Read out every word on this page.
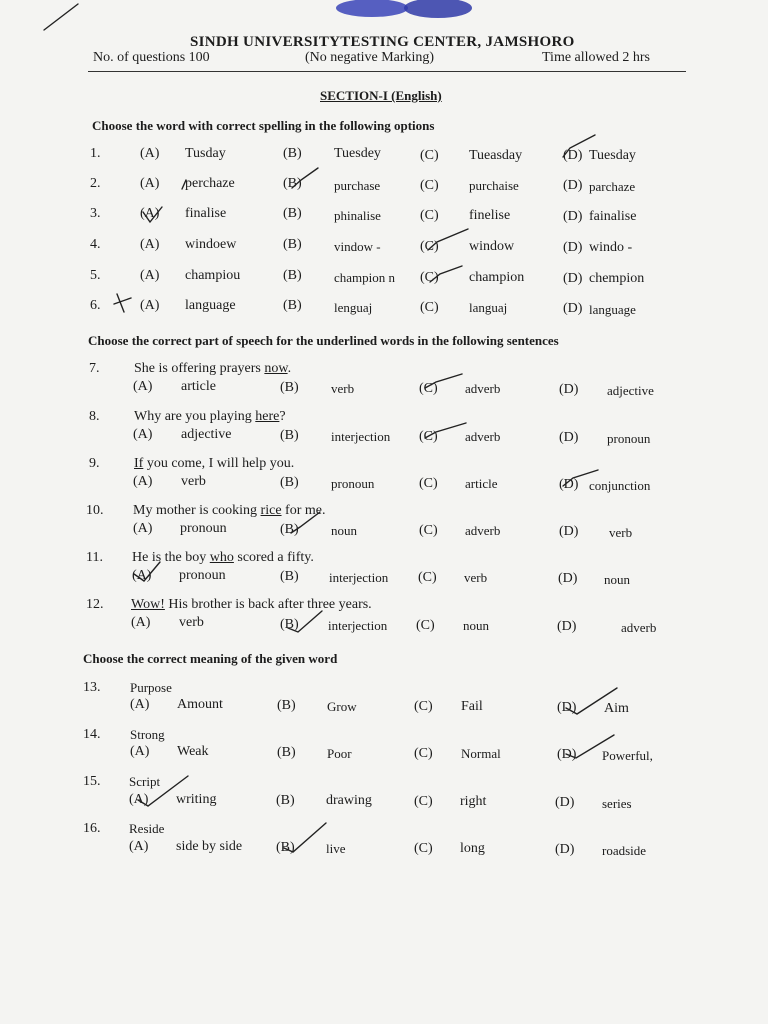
SINDH UNIVERSITYTESTING CENTER, JAMSHORO
No. of questions 100	(No negative Marking)	Time allowed 2 hrs
SECTION-I (English)
Choose the word with correct spelling in the following options
1.	(A) Tusday	(B) Tuesdey	(C) Tueasday	(D) Tuesday
2.	(A) perchaze	(B) purchase	(C) purchaise	(D) parchaze
3.	(A) finalise	(B) phinalise	(C) finelise	(D) fainalise
4.	(A) windoew	(B) vindow -	(C) window	(D) windo -
5.	(A) champiou	(B) champion n (C) champion	(D) chempion
6.	(A) language	(B) lenguaj	(C) languaj	(D) language
Choose the correct part of speech for the underlined words in the following sentences
7. She is offering prayers now.
(A) article	(B) verb	(C) adverb	(D) adjective
8. Why are you playing here?
(A) adjective	(B) interjection (C) adverb	(D) pronoun
9. If you come, I will help you.
(A) verb	(B) pronoun	(C) article	(D) conjunction
10. My mother is cooking rice for me.
(A) pronoun	(B) noun	(C) adverb	(D) verb
11. He is the boy who scored a fifty.
(A) pronoun	(B) interjection (C) verb	(D) noun
12. Wow! His brother is back after three years.
(A) verb	(B) interjection (C) noun	(D)	adverb
Choose the correct meaning of the given word
13. Purpose
(A) Amount	(B) Grow	(C) Fail	(D) Aim
14. Strong
(A) Weak	(B) Poor	(C) Normal	(D) Powerful,
15. Script
(A) writing	(B) drawing	(C) right	(D) series
16. Reside
(A) side by side (B) live	(C) long	(D) roadside
